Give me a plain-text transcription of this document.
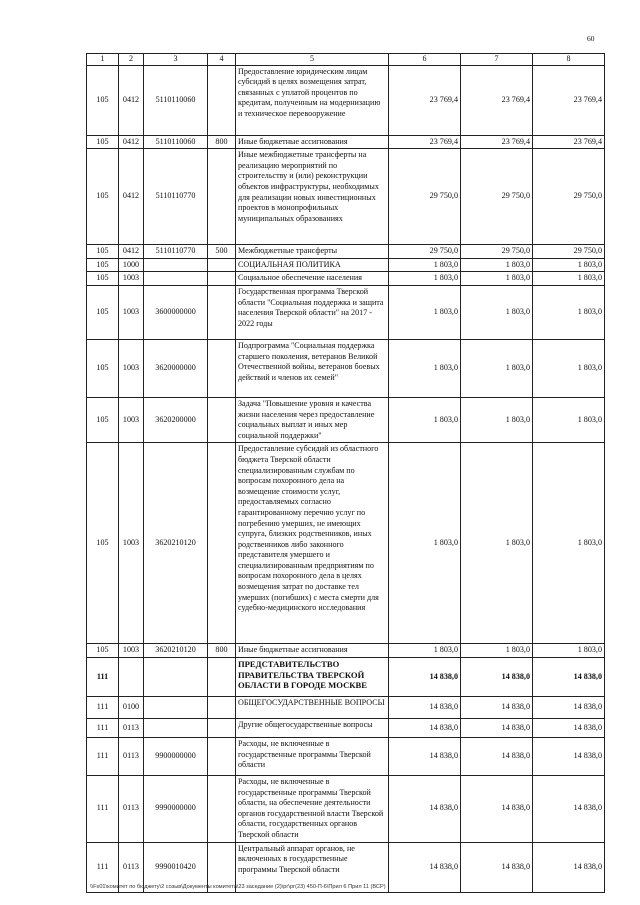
60
1	2	3	4	5	6	7	8
105	0412	5110110060		Предоставление юридическим лицам субсидий в целях возмещения затрат, связанных с уплатой процентов по кредитам, полученным на модернизацию и техническое перевооружение	23 769,4	23 769,4	23 769,4
105	0412	5110110060	800	Иные бюджетные ассигнования	23 769,4	23 769,4	23 769,4
105	0412	5110110770		Иные межбюджетные трансферты на реализацию мероприятий по строительству и (или) реконструкции объектов инфраструктуры, необходимых для реализации новых инвестиционных проектов в монопрофильных муниципальных образованиях	29 750,0	29 750,0	29 750,0
105	0412	5110110770	500	Межбюджетные трансферты	29 750,0	29 750,0	29 750,0
105	1000			СОЦИАЛЬНАЯ ПОЛИТИКА	1 803,0	1 803,0	1 803,0
105	1003			Социальное обеспечение населения	1 803,0	1 803,0	1 803,0
105	1003	3600000000		Государственная программа Тверской области "Социальная поддержка и защита населения Тверской области" на 2017 - 2022 годы	1 803,0	1 803,0	1 803,0
105	1003	3620000000		Подпрограмма "Социальная поддержка старшего поколения, ветеранов Великой Отечественной войны, ветеранов боевых действий и членов их семей"	1 803,0	1 803,0	1 803,0
105	1003	3620200000		Задача "Повышение уровня и качества жизни населения через предоставление социальных выплат и иных мер социальной поддержки"	1 803,0	1 803,0	1 803,0
105	1003	3620210120		Предоставление субсидий из областного бюджета Тверской области специализированным службам по вопросам похоронного дела на возмещение стоимости услуг, предоставляемых согласно гарантированному перечню услуг по погребению умерших, не имеющих супруга, близких родственников, иных родственников либо законного представителя умершего и специализированным предприятиям по вопросам похоронного дела в целях возмещения затрат по доставке тел умерших (погибших) с места смерти для судебно-медицинского исследования	1 803,0	1 803,0	1 803,0
105	1003	3620210120	800	Иные бюджетные ассигнования	1 803,0	1 803,0	1 803,0
111				ПРЕДСТАВИТЕЛЬСТВО ПРАВИТЕЛЬСТВА ТВЕРСКОЙ ОБЛАСТИ В ГОРОДЕ МОСКВЕ	14 838,0	14 838,0	14 838,0
111	0100			ОБЩЕГОСУДАРСТВЕННЫЕ ВОПРОСЫ	14 838,0	14 838,0	14 838,0
111	0113			Другие общегосударственные вопросы	14 838,0	14 838,0	14 838,0
111	0113	9900000000		Расходы, не включенные в государственные программы Тверской области	14 838,0	14 838,0	14 838,0
111	0113	9990000000		Расходы, не включенные в государственные программы Тверской области, на обеспечение деятельности органов государственной власти Тверской области, государственных органов Тверской области	14 838,0	14 838,0	14 838,0
111	0113	9990010420		Центральный аппарат органов, не включенных в государственные программы Тверской области	14 838,0	14 838,0	14 838,0
\\Fs01\комитет по бюджету\2 созыв\Документы комитета\23 заседание (2)\рг\рг(23) 450-П-6\Прил 6 Прил 11 (ВСР)
